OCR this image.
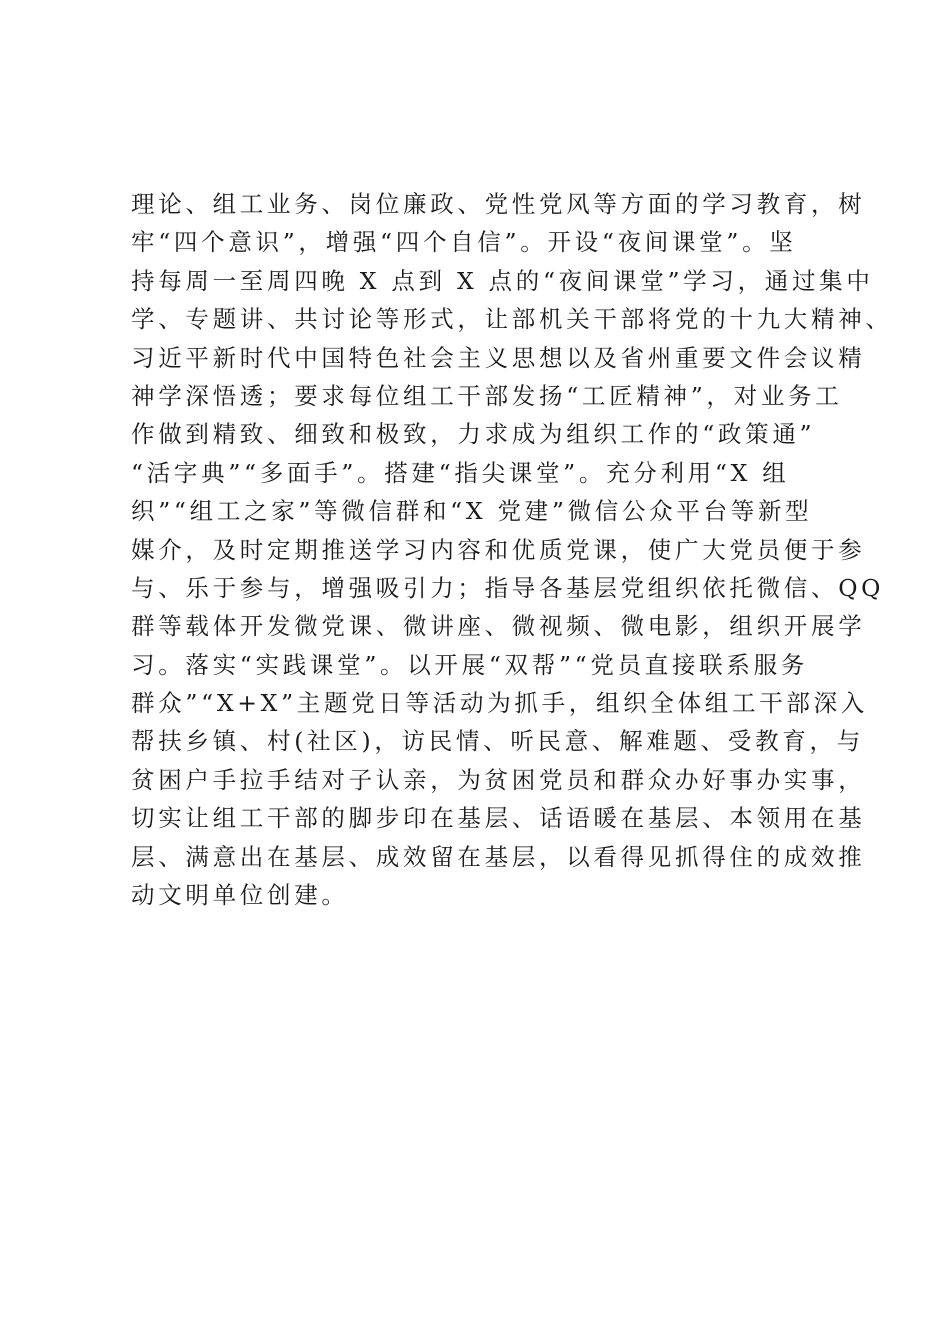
理论、组工业务、岗位廉政、党性党风等方面的学习教育，树
牢“四个意识”，增强“四个自信”。开设“夜间课堂”。坚
持每周一至周四晚 X 点到 X 点的“夜间课堂”学习，通过集中
学、专题讲、共讨论等形式，让部机关干部将党的十九大精神、
习近平新时代中国特色社会主义思想以及省州重要文件会议精
神学深悟透；要求每位组工干部发扬“工匠精神”，对业务工
作做到精致、细致和极致，力求成为组织工作的“政策通”
“活字典”“多面手”。搭建“指尖课堂”。充分利用“X 组
织”“组工之家”等微信群和“X 党建”微信公众平台等新型
媒介，及时定期推送学习内容和优质党课，使广大党员便于参
与、乐于参与，增强吸引力；指导各基层党组织依托微信、QQ
群等载体开发微党课、微讲座、微视频、微电影，组织开展学
习。落实“实践课堂”。以开展“双帮”“党员直接联系服务
群众”“X+X”主题党日等活动为抓手，组织全体组工干部深入
帮扶乡镇、村(社区)，访民情、听民意、解难题、受教育，与
贫困户手拉手结对子认亲，为贫困党员和群众办好事办实事，
切实让组工干部的脚步印在基层、话语暖在基层、本领用在基
层、满意出在基层、成效留在基层，以看得见抓得住的成效推
动文明单位创建。
